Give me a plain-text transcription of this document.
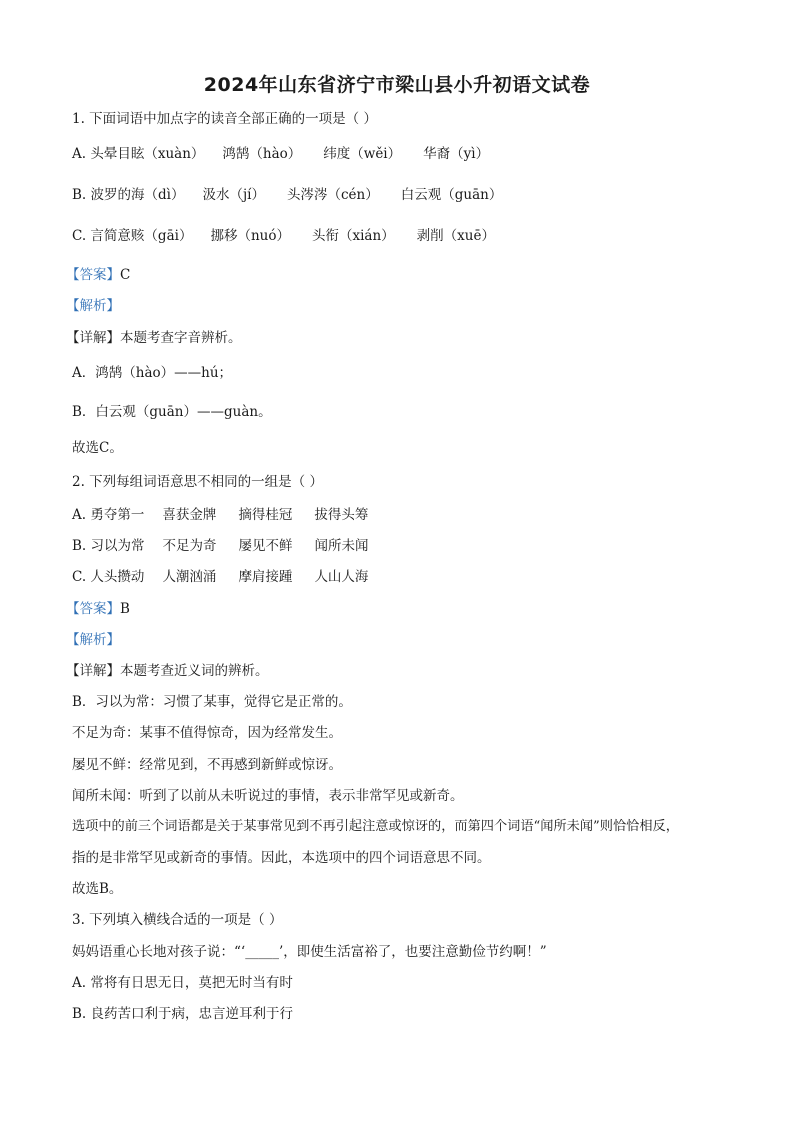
2024年山东省济宁市梁山县小升初语文试卷
1. 下面词语中加点字的读音全部正确的一项是（ ）
A. 头晕目眩（xuàn） 鸿鹄（hào） 纬度（wěi） 华裔（yì）
B. 波罗的海（dì） 汲水（jí） 头涔涔（cén） 白云观（guān）
C. 言简意赅（gāi） 挪移（nuó） 头衔（xián） 剥削（xuē）
【答案】C
【解析】
【详解】本题考查字音辨析。
A．鸿鹄（hào）——hú；
B．白云观（guān）——guàn。
故选C。
2. 下列每组词语意思不相同的一组是（ ）
A. 勇夺第一 喜获金牌 摘得桂冠 拔得头筹
B. 习以为常 不足为奇 屡见不鲜 闻所未闻
C. 人头攒动 人潮汹涌 摩肩接踵 人山人海
【答案】B
【解析】
【详解】本题考查近义词的辨析。
B．习以为常：习惯了某事，觉得它是正常的。
不足为奇：某事不值得惊奇，因为经常发生。
屡见不鲜：经常见到，不再感到新鲜或惊讶。
闻所未闻：听到了以前从未听说过的事情，表示非常罕见或新奇。
选项中的前三个词语都是关于某事常见到不再引起注意或惊讶的，而第四个词语“闻所未闻”则恰恰相反，
指的是非常罕见或新奇的事情。因此，本选项中的四个词语意思不同。
故选B。
3. 下列填入横线合适的一项是（ ）
妈妈语重心长地对孩子说：“‘_____’，即使生活富裕了，也要注意勤俭节约啊！”
A. 常将有日思无日，莫把无时当有时
B. 良药苦口利于病，忠言逆耳利于行
